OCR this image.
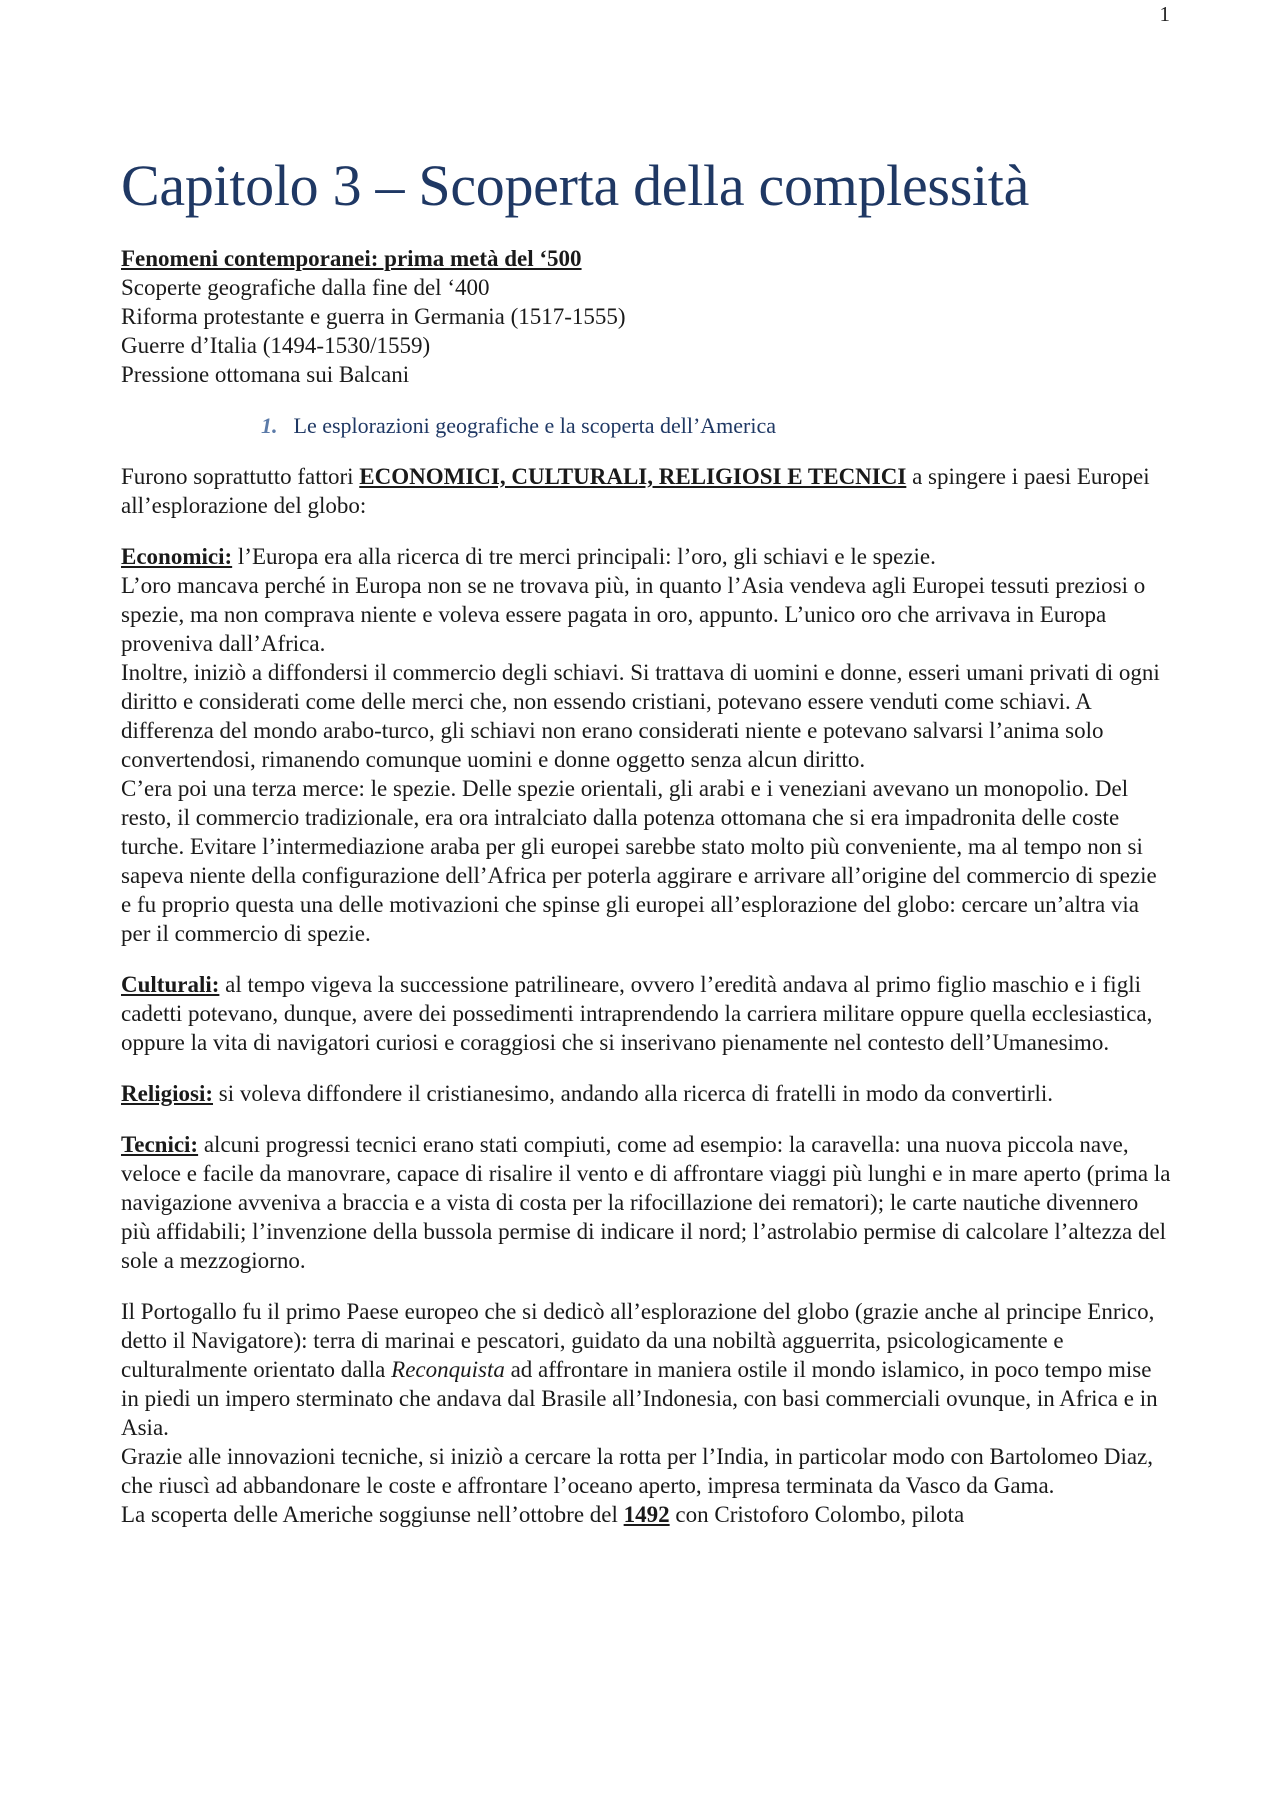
1
Capitolo 3 – Scoperta della complessità
Fenomeni contemporanei: prima metà del ‘500
Scoperte geografiche dalla fine del ‘400
Riforma protestante e guerra in Germania (1517-1555)
Guerre d’Italia (1494-1530/1559)
Pressione ottomana sui Balcani
1. Le esplorazioni geografiche e la scoperta dell’America

Furono soprattutto fattori ECONOMICI, CULTURALI, RELIGIOSI E TECNICI a spingere i paesi Europei all’esplorazione del globo:

Economici: l’Europa era alla ricerca di tre merci principali: l’oro, gli schiavi e le spezie.

L’oro mancava perché in Europa non se ne trovava più, in quanto l’Asia vendeva agli Europei tessuti preziosi o spezie, ma non comprava niente e voleva essere pagata in oro, appunto. L’unico oro che arrivava in Europa proveniva dall’Africa.

Inoltre, iniziò a diffondersi il commercio degli schiavi. Si trattava di uomini e donne, esseri umani privati di ogni diritto e considerati come delle merci che, non essendo cristiani, potevano essere venduti come schiavi. A differenza del mondo arabo-turco, gli schiavi non erano considerati niente e potevano salvarsi l’anima solo convertendosi, rimanendo comunque uomini e donne oggetto senza alcun diritto.

C’era poi una terza merce: le spezie. Delle spezie orientali, gli arabi e i veneziani avevano un monopolio. Del resto, il commercio tradizionale, era ora intralciato dalla potenza ottomana che si era impadronita delle coste turche. Evitare l’intermediazione araba per gli europei sarebbe stato molto più conveniente, ma al tempo non si sapeva niente della configurazione dell’Africa per poterla aggirare e arrivare all’origine del commercio di spezie e fu proprio questa una delle motivazioni che spinse gli europei all’esplorazione del globo: cercare un’altra via per il commercio di spezie.

Culturali: al tempo vigeva la successione patrilineare, ovvero l’eredità andava al primo figlio maschio e i figli cadetti potevano, dunque, avere dei possedimenti intraprendendo la carriera militare oppure quella ecclesiastica, oppure la vita di navigatori curiosi e coraggiosi che si inserivano pienamente nel contesto dell’Umanesimo.

Religiosi: si voleva diffondere il cristianesimo, andando alla ricerca di fratelli in modo da convertirli.

Tecnici: alcuni progressi tecnici erano stati compiuti, come ad esempio: la caravella: una nuova piccola nave, veloce e facile da manovrare, capace di risalire il vento e di affrontare viaggi più lunghi e in mare aperto (prima la navigazione avveniva a braccia e a vista di costa per la rifocillazione dei rematori); le carte nautiche divennero più affidabili; l’invenzione della bussola permise di indicare il nord; l’astrolabio permise di calcolare l’altezza del sole a mezzogiorno.

Il Portogallo fu il primo Paese europeo che si dedicò all’esplorazione del globo (grazie anche al principe Enrico, detto il Navigatore): terra di marinai e pescatori, guidato da una nobiltà agguerrita, psicologicamente e culturalmente orientato dalla Reconquista ad affrontare in maniera ostile il mondo islamico, in poco tempo mise in piedi un impero sterminato che andava dal Brasile all’Indonesia, con basi commerciali ovunque, in Africa e in Asia.

Grazie alle innovazioni tecniche, si iniziò a cercare la rotta per l’India, in particolar modo con Bartolomeo Diaz, che riuscì ad abbandonare le coste e affrontare l’oceano aperto, impresa terminata da Vasco da Gama.

La scoperta delle Americhe soggiunse nell’ottobre del 1492 con Cristoforo Colombo, pilota
